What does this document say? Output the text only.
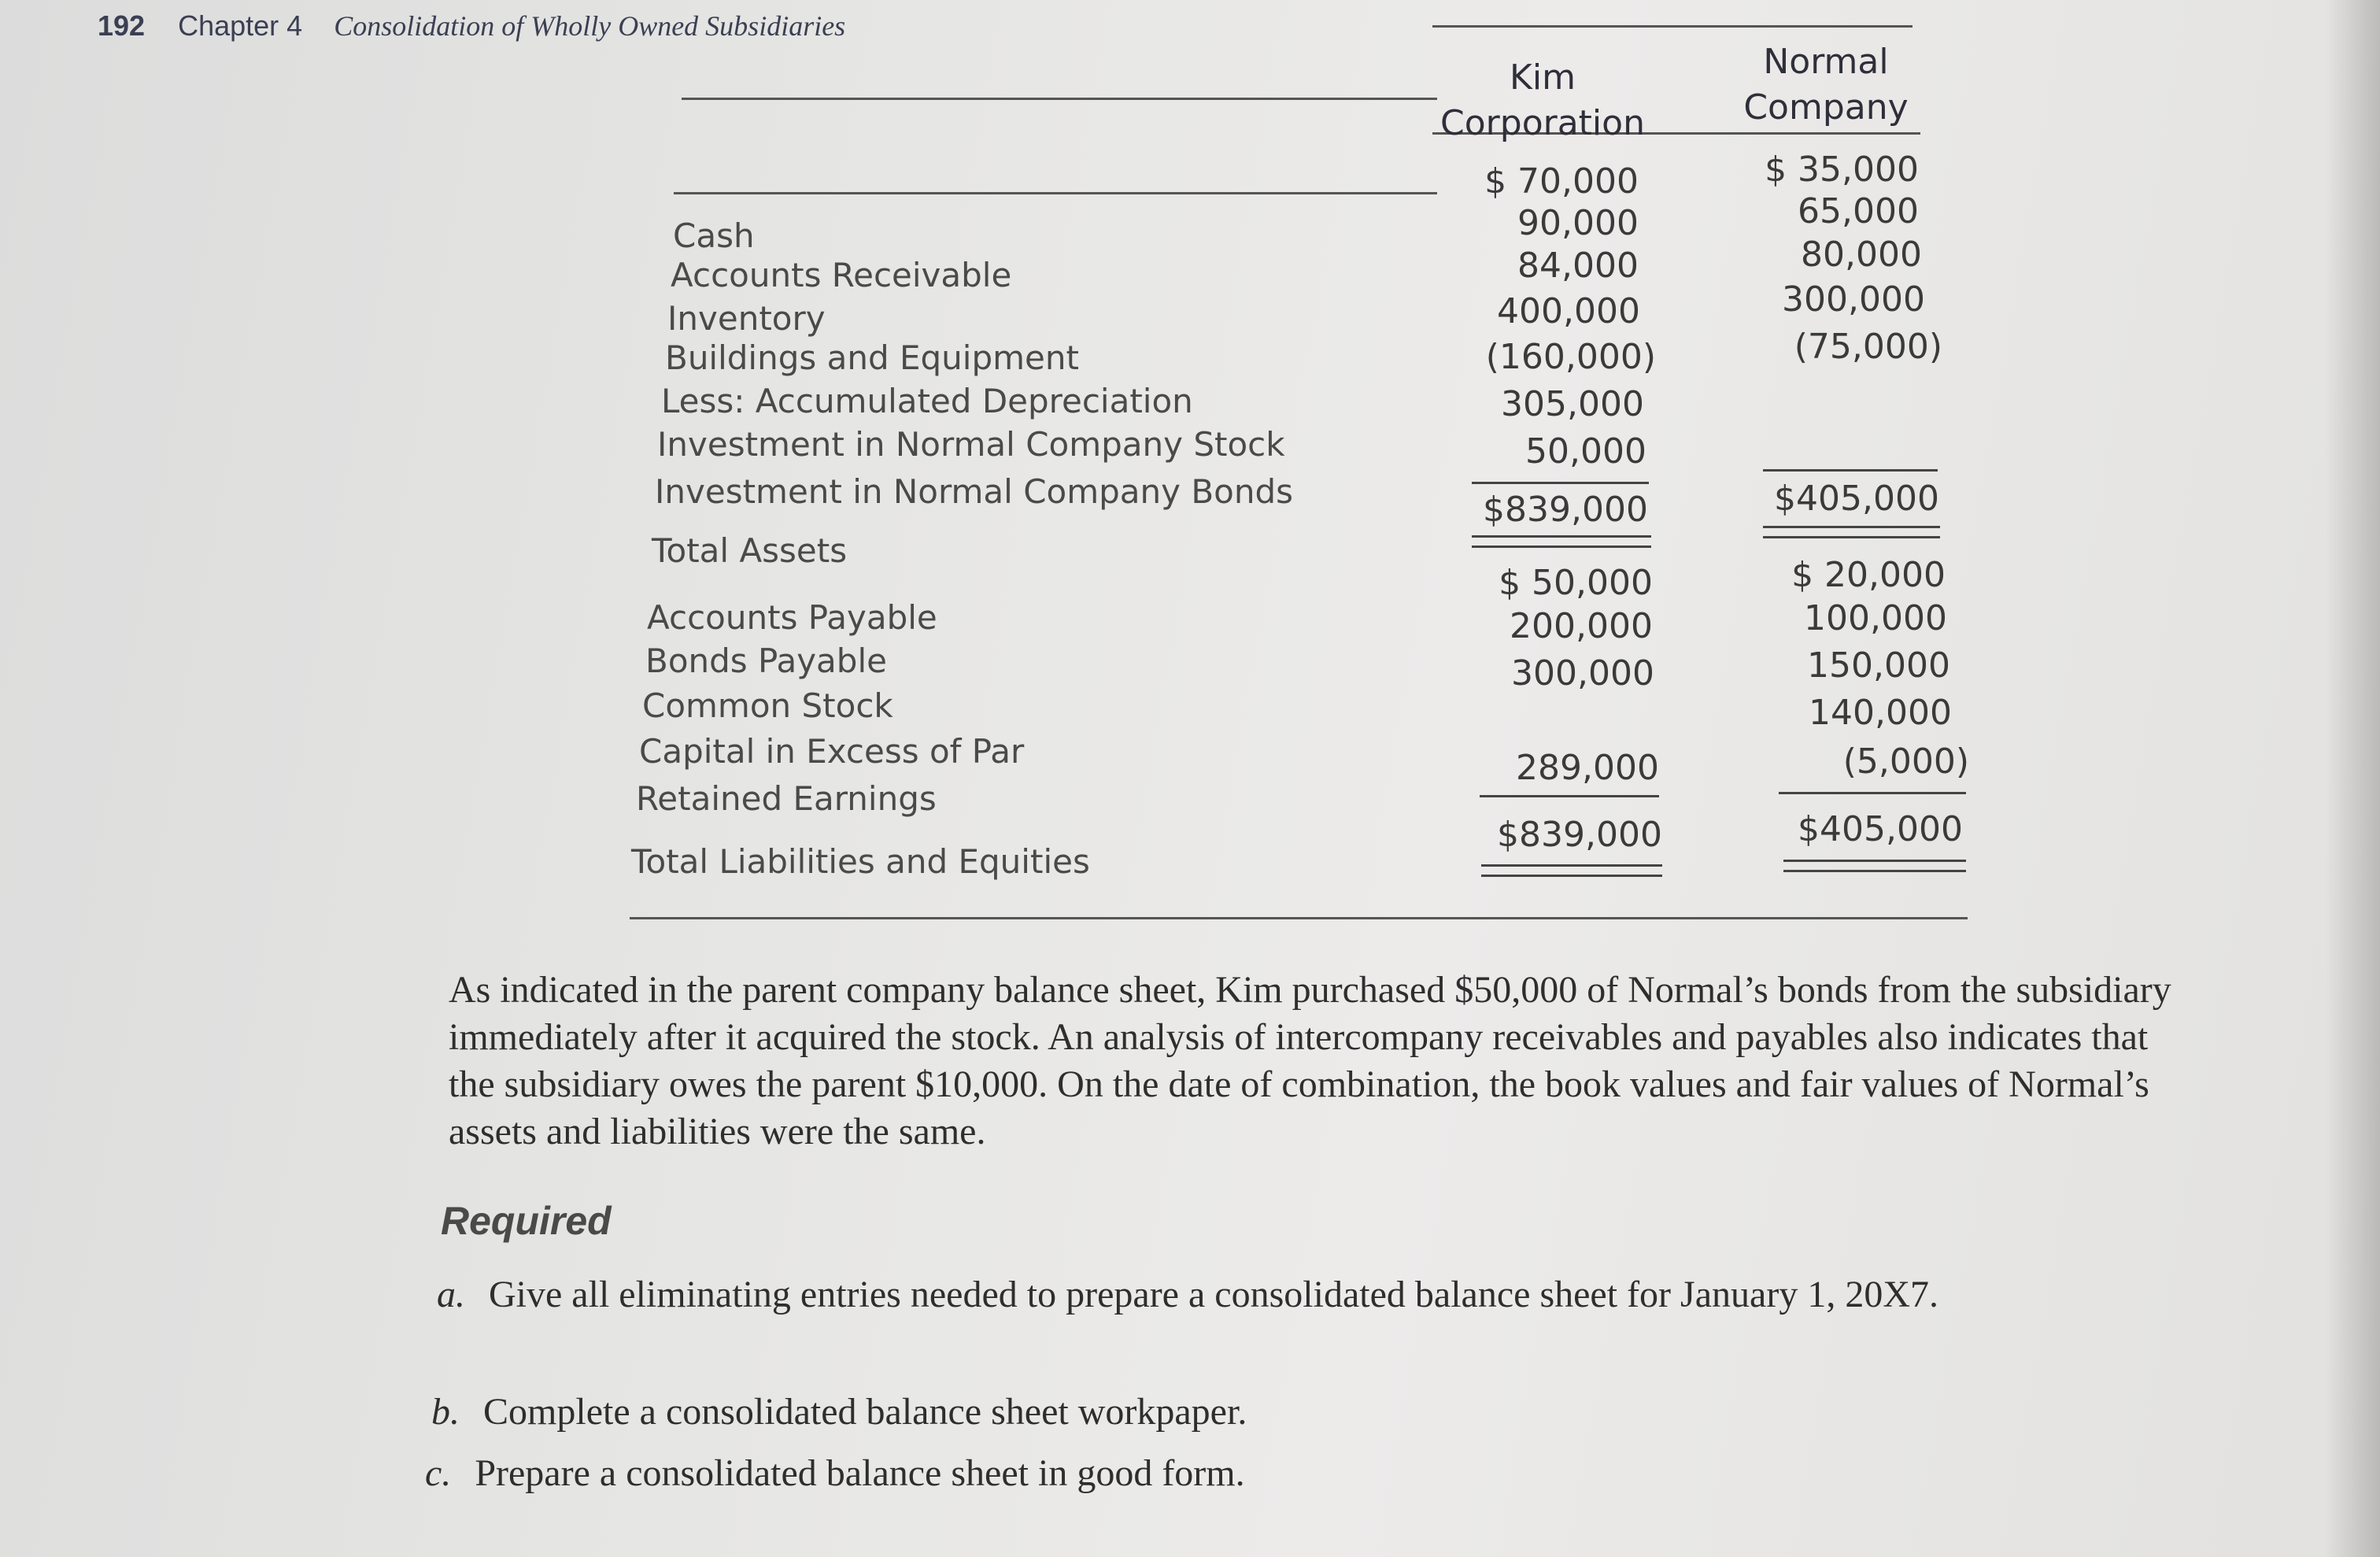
192 Chapter 4 Consolidation of Wholly Owned Subsidiaries
Kim
Corporation
Normal
Company
Cash
Accounts Receivable
Inventory
Buildings and Equipment
Less: Accumulated Depreciation
Investment in Normal Company Stock
Investment in Normal Company Bonds
Total Assets
Accounts Payable
Bonds Payable
Common Stock
Capital in Excess of Par
Retained Earnings
Total Liabilities and Equities
$ 70,000
90,000
84,000
400,000
(160,000)
305,000
50,000
$839,000
$ 50,000
200,000
300,000
289,000
$839,000
$ 35,000
65,000
80,000
300,000
(75,000)
$405,000
$ 20,000
100,000
150,000
140,000
(5,000)
$405,000
As indicated in the parent company balance sheet, Kim purchased $50,000 of Normal’s bonds from the subsidiary immediately after it acquired the stock. An analysis of intercompany receivables and payables also indicates that the subsidiary owes the parent $10,000. On the date of combination, the book values and fair values of Normal’s assets and liabilities were the same.
Required
a. Give all eliminating entries needed to prepare a consolidated balance sheet for January 1, 20X7.
b. Complete a consolidated balance sheet workpaper.
c. Prepare a consolidated balance sheet in good form.
